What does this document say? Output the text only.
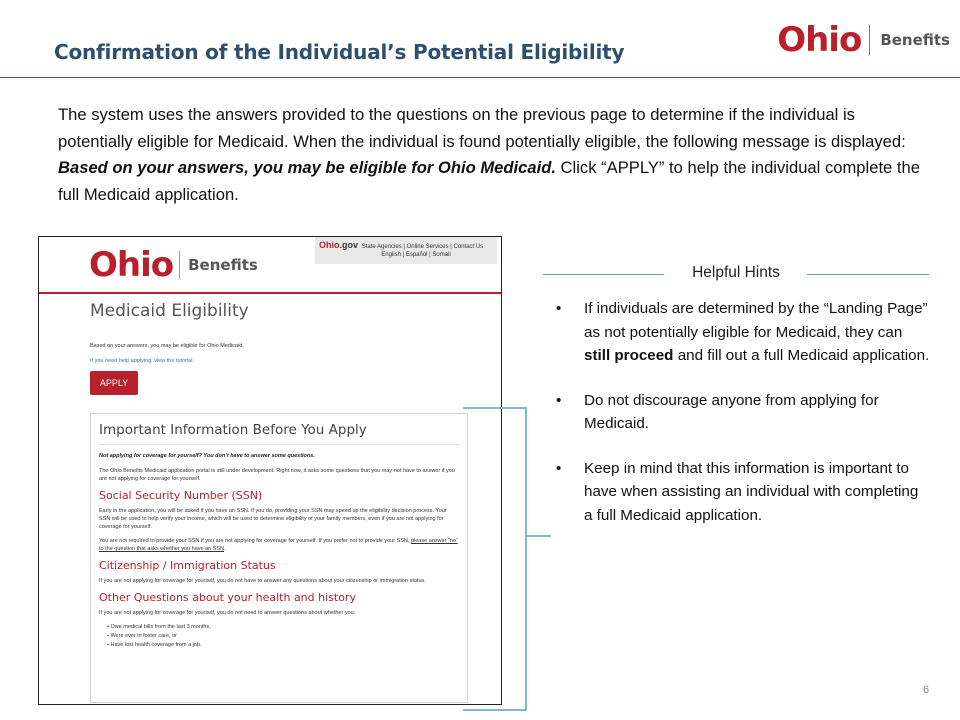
Confirmation of the Individual’s Potential Eligibility	Ohio Benefits

The system uses the answers provided to the questions on the previous page to determine if the individual is potentially eligible for Medicaid. When the individual is found potentially eligible, the following message is displayed: Based on your answers, you may be eligible for Ohio Medicaid. Click “APPLY” to help the individual complete the full Medicaid application.

Ohio Benefits
Ohio.gov State Agencies | Online Services | Contact Us
English | Español | Somali
Medicaid Eligibility
Based on your answers, you may be eligible for Ohio Medicaid.
If you need help applying, view the tutorial.
APPLY
Important Information Before You Apply
Not applying for coverage for yourself? You don’t have to answer some questions.
The Ohio Benefits Medicaid application portal is still under development. Right now, it asks some questions that you may not have to answer if you are not applying for coverage for yourself.
Social Security Number (SSN)
Early in the application, you will be asked if you have an SSN. If you do, providing your SSN may speed up the eligibility decision process. Your SSN will be used to help verify your income, which will be used to determine eligibility of your family members, even if you are not applying for coverage for yourself.
You are not required to provide your SSN if you are not applying for coverage for yourself. If you prefer not to provide your SSN, please answer “no” to the question that asks whether you have an SSN.
Citizenship / Immigration Status
If you are not applying for coverage for yourself, you do not have to answer any questions about your citizenship or immigration status.
Other Questions about your health and history
If you are not applying for coverage for yourself, you do not need to answer questions about whether you:
• Owe medical bills from the last 3 months,
• Were ever in foster care, or
• Have lost health coverage from a job.
Helpful Hints
• If individuals are determined by the “Landing Page” as not potentially eligible for Medicaid, they can still proceed and fill out a full Medicaid application.
• Do not discourage anyone from applying for Medicaid.
• Keep in mind that this information is important to have when assisting an individual with completing a full Medicaid application.
6
